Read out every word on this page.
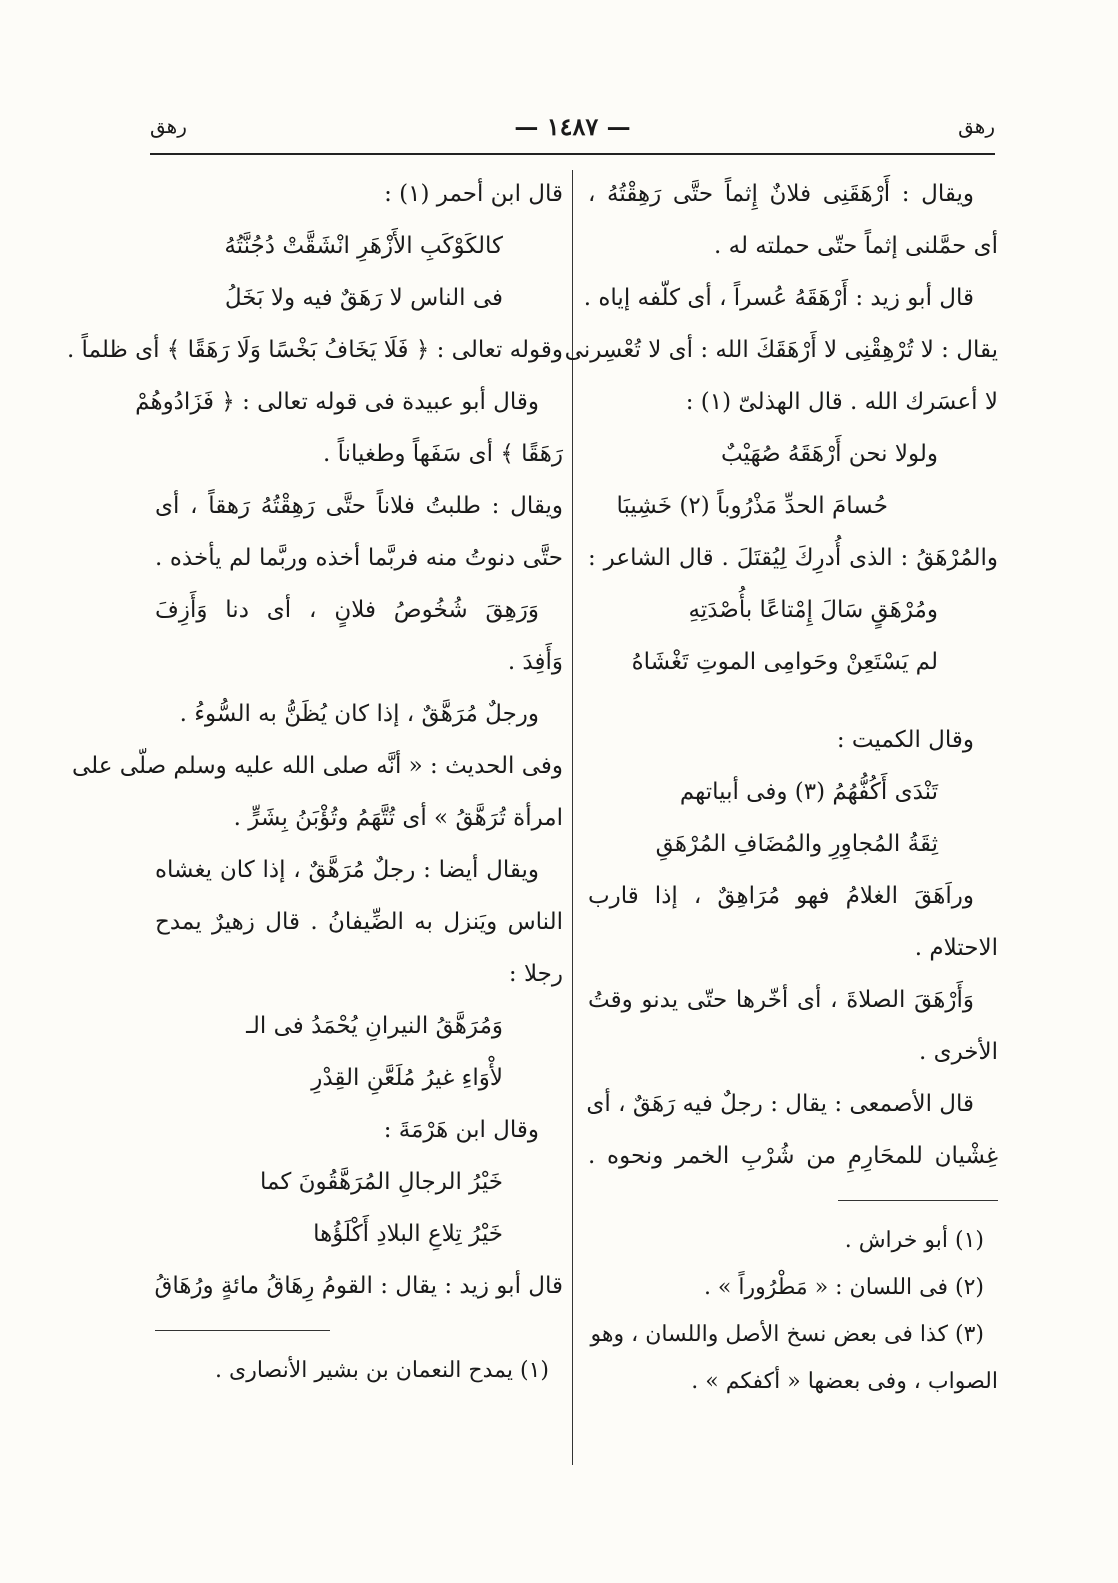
رهق
— ١٤٨٧ —
رهق
ويقال : أَرْهَقَنِى فلانٌ إِثماً حتَّى رَهِقْتُهُ ،
أى حمَّلنى إثماً حتّى حملته له .
قال أبو زيد : أَرْهَقَهُ عُسراً ، أى كلّفه إياه .
يقال : لا تُرْهِقْنِى لا أَرْهَقَكَ الله : أى لا تُعْسِرنى
لا أعسَرك الله . قال الهذلىّ (١) :
ولولا نحن أَرْهَقَهُ صُهَيْبٌ
حُسامَ الحدِّ مَذْرُوباً (٢) خَشِيبَا
والمُرْهَقُ : الذى أُدرِكَ لِيُقتَلَ . قال الشاعر :
ومُرْهَقٍ سَالَ إِمْتاعًا بأُصْدَتِهِ
لم يَسْتَعِنْ وحَوامِى الموتِ تَغْشَاهُ
وقال الكميت :
تَنْدَى أَكُفُّهُمُ (٣) وفى أبياتهم
ثِقَةُ المُجاوِرِ والمُضَافِ المُرْهَقِ
وراَهَقَ الغلامُ فهو مُرَاهِقٌ ، إذا قارب
الاحتلام .
وَأَرْهَقَ الصلاةَ ، أى أخّرها حتّى يدنو وقتُ
الأخرى .
قال الأصمعى : يقال : رجلٌ فيه رَهَقٌ ، أى
غِشْيان للمحَارِمِ من شُرْبِ الخمر ونحوه .
(١) أبو خراش .
(٢) فى اللسان : « مَطْرُوراً » .
(٣) كذا فى بعض نسخ الأصل واللسان ، وهو
الصواب ، وفى بعضها « أكفكم » .
قال ابن أحمر (١) :
كالكَوْكَبِ الأَزْهَرِ انْشَقَّتْ دُجُنَّتُهُ
فى الناس لا رَهَقٌ فيه ولا بَخَلُ
وقوله تعالى : ﴿ فَلَا يَخَافُ بَخْسًا وَلَا رَهَقًا ﴾ أى ظلماً .
وقال أبو عبيدة فى قوله تعالى : ﴿ فَزَادُوهُمْ
رَهَقًا ﴾ أى سَفَهاً وطغياناً .
ويقال : طلبتُ فلاناً حتَّى رَهِقْتُهُ رَهقاً ، أى
حتَّى دنوتُ منه فربَّما أخذه وربَّما لم يأخذه .
وَرَهِقَ شُخُوصُ فلانٍ ، أى دنا وَأَزِفَ
وَأَفِدَ .
ورجلٌ مُرَهَّقٌ ، إذا كان يُظَنُّ به السُّوءُ .
وفى الحديث : « أنَّه صلى الله عليه وسلم صلّى على
امرأة تُرَهَّقُ » أى تُتَّهَمُ وتُؤْبَنُ بِشَرٍّ .
ويقال أيضا : رجلٌ مُرَهَّقٌ ، إذا كان يغشاه
الناس ويَنزل به الضِّيفانُ . قال زهيرٌ يمدح
رجلا :
وَمُرَهَّقُ النيرانِ يُحْمَدُ فى الـ
لأْوَاءِ غيرُ مُلَعَّنِ القِدْرِ
وقال ابن هَرْمَةَ :
خَيْرُ الرجالِ المُرَهَّقُونَ كما
خَيْرُ تِلاعِ البلادِ أَكْلَؤُها
قال أبو زيد : يقال : القومُ رِهَاقُ مائةٍ ورُهَاقُ
(١) يمدح النعمان بن بشير الأنصارى .
